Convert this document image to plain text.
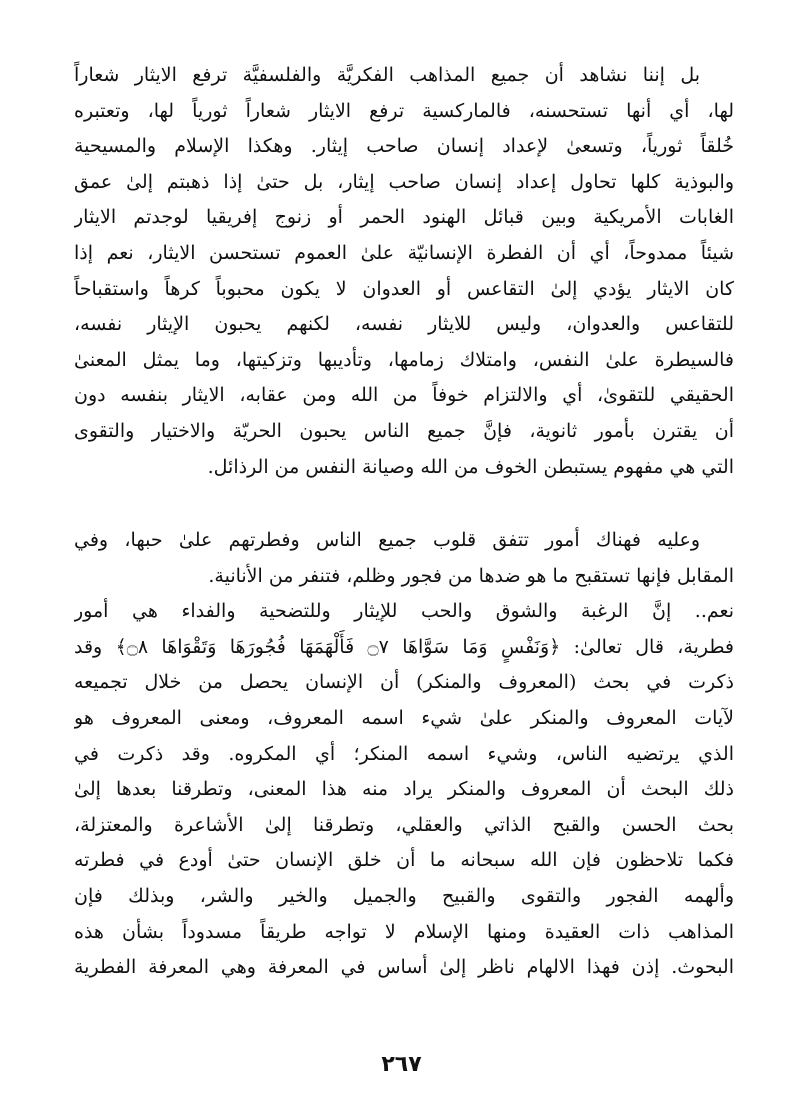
بل إننا نشاهد أن جميع المذاهب الفكريَّة والفلسفيَّة ترفع الايثار شعاراً
لها، أي أنها تستحسنه، فالماركسية ترفع الايثار شعاراً ثورياً لها، وتعتبره
خُلقاً ثورياً، وتسعىٰ لإعداد إنسان صاحب إيثار. وهكذا الإسلام والمسيحية
والبوذية كلها تحاول إعداد إنسان صاحب إيثار، بل حتىٰ إذا ذهبتم إلىٰ عمق
الغابات الأمريكية وبين قبائل الهنود الحمر أو زنوج إفريقيا لوجدتم الايثار
شيئاً ممدوحاً، أي أن الفطرة الإنسانيّة علىٰ العموم تستحسن الايثار، نعم إذا
كان الايثار يؤدي إلىٰ التقاعس أو العدوان لا يكون محبوباً كرهاً واستقباحاً
للتقاعس والعدوان، وليس للايثار نفسه، لكنهم يحبون الإيثار نفسه،
فالسيطرة علىٰ النفس، وامتلاك زمامها، وتأديبها وتزكيتها، وما يمثل المعنىٰ
الحقيقي للتقوىٰ، أي والالتزام خوفاً من الله ومن عقابه، الايثار بنفسه دون
أن يقترن بأمور ثانوية، فإنَّ جميع الناس يحبون الحريّة والاختيار والتقوى
التي هي مفهوم يستبطن الخوف من الله وصيانة النفس من الرذائل.
وعليه فهناك أمور تتفق قلوب جميع الناس وفطرتهم علىٰ حبها، وفي
المقابل فإنها تستقبح ما هو ضدها من فجور وظلم، فتنفر من الأنانية.
نعم.. إنَّ الرغبة والشوق والحب للإيثار وللتضحية والفداء هي أمور
فطرية، قال تعالىٰ: ﴿وَنَفْسٍ وَمَا سَوَّاهَا ۝٧ فَأَلْهَمَهَا فُجُورَهَا وَتَقْوَاهَا ۝٨﴾ وقد
ذكرت في بحث (المعروف والمنكر) أن الإنسان يحصل من خلال تجميعه
لآيات المعروف والمنكر علىٰ شيء اسمه المعروف، ومعنى المعروف هو
الذي يرتضيه الناس، وشيء اسمه المنكر؛ أي المكروه. وقد ذكرت في
ذلك البحث أن المعروف والمنكر يراد منه هذا المعنى، وتطرقنا بعدها إلىٰ
بحث الحسن والقبح الذاتي والعقلي، وتطرقنا إلىٰ الأشاعرة والمعتزلة،
فكما تلاحظون فإن الله سبحانه ما أن خلق الإنسان حتىٰ أودع في فطرته
وألهمه الفجور والتقوى والقبيح والجميل والخير والشر، وبذلك فإن
المذاهب ذات العقيدة ومنها الإسلام لا تواجه طريقاً مسدوداً بشأن هذه
البحوث. إذن فهذا الالهام ناظر إلىٰ أساس في المعرفة وهي المعرفة الفطرية
٢٦٧
